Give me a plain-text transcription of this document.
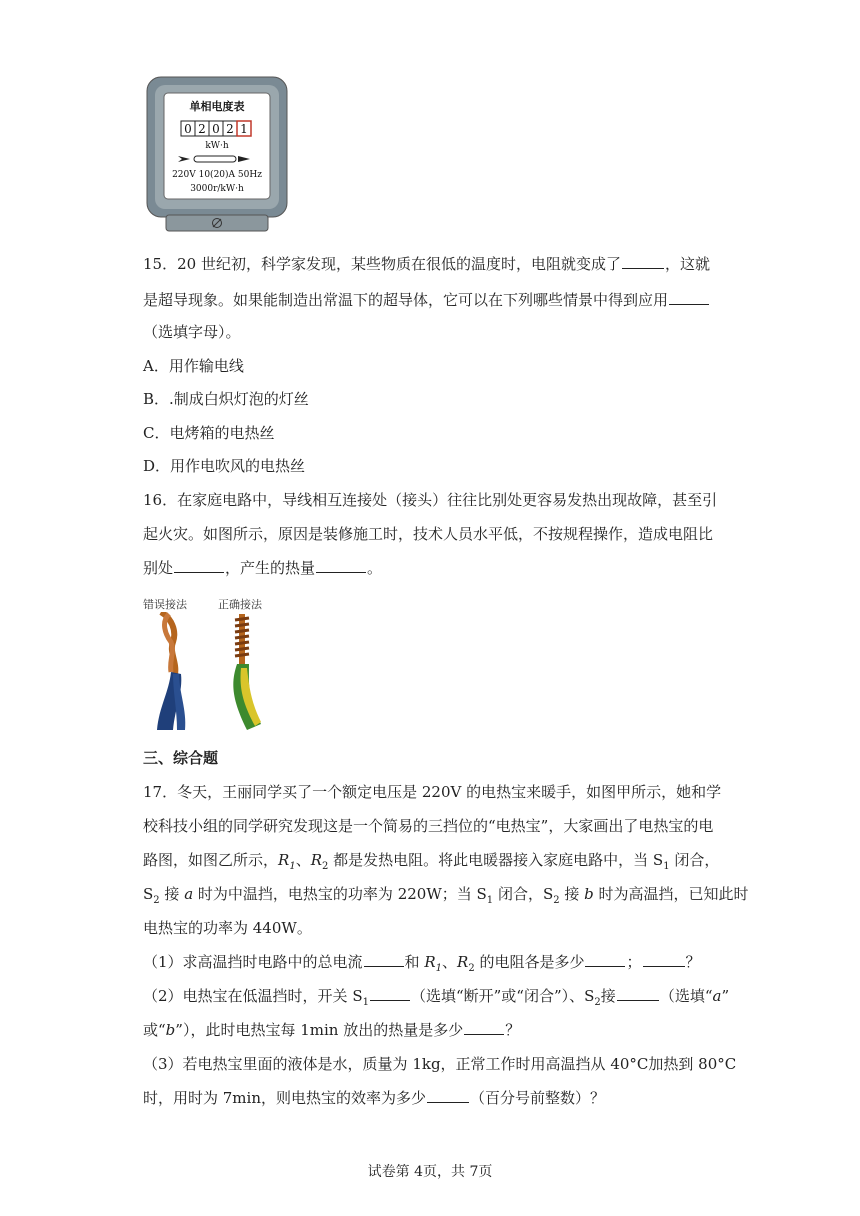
单相电度表
0 2 0 2 1
kW·h
220V 10(20)A 50Hz
3000r/kW·h
15．20 世纪初，科学家发现，某些物质在很低的温度时，电阻就变成了	，这就
是超导现象。如果能制造出常温下的超导体，它可以在下列哪些情景中得到应用
（选填字母）。
A．用作输电线
B．.制成白炽灯泡的灯丝
C．电烤箱的电热丝
D．用作电吹风的电热丝
16．在家庭电路中，导线相互连接处（接头）往往比别处更容易发热出现故障，甚至引
起火灾。如图所示，原因是装修施工时，技术人员水平低，不按规程操作，造成电阻比
别处	，产生的热量	。
错误接法	正确接法
三、综合题
17．冬天，王丽同学买了一个额定电压是 220V 的电热宝来暖手，如图甲所示，她和学
校科技小组的同学研究发现这是一个简易的三挡位的“电热宝”，大家画出了电热宝的电
路图，如图乙所示，$R_1$、$R_2$ 都是发热电阻。将此电暖器接入家庭电路中，当 $S_1$ 闭合，
$S_2$ 接 a 时为中温挡，电热宝的功率为 220W；当 $S_1$ 闭合，$S_2$ 接 b 时为高温挡，已知此时
电热宝的功率为 440W。
（1）求高温挡时电路中的总电流	和 $R_1$、$R_2$ 的电阻各是多少	；	？
（2）电热宝在低温挡时，开关 $S_1$	（选填“断开”或“闭合”）、$S_2$接	（选填“a”
或“b”），此时电热宝每 1min 放出的热量是多少	？
（3）若电热宝里面的液体是水，质量为 1kg，正常工作时用高温挡从 40°C加热到 80°C
时，用时为 7min，则电热宝的效率为多少	（百分号前整数）？
试卷第 4页，共 7页
